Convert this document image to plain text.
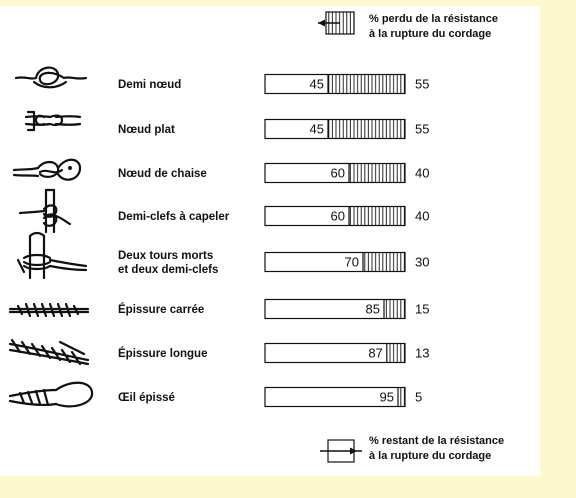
% perdu de la résistance
à la rupture du cordage
% restant de la résistance
à la rupture du cordage
Demi nœud	45	55
Nœud plat	45	55
Nœud de chaise	60	40
Demi-clefs à capeler	60	40
Deux tours morts
et deux demi-clefs
70	30
Épissure carrée	85	15
Épissure longue	87 13
Œil épissé	95 5
